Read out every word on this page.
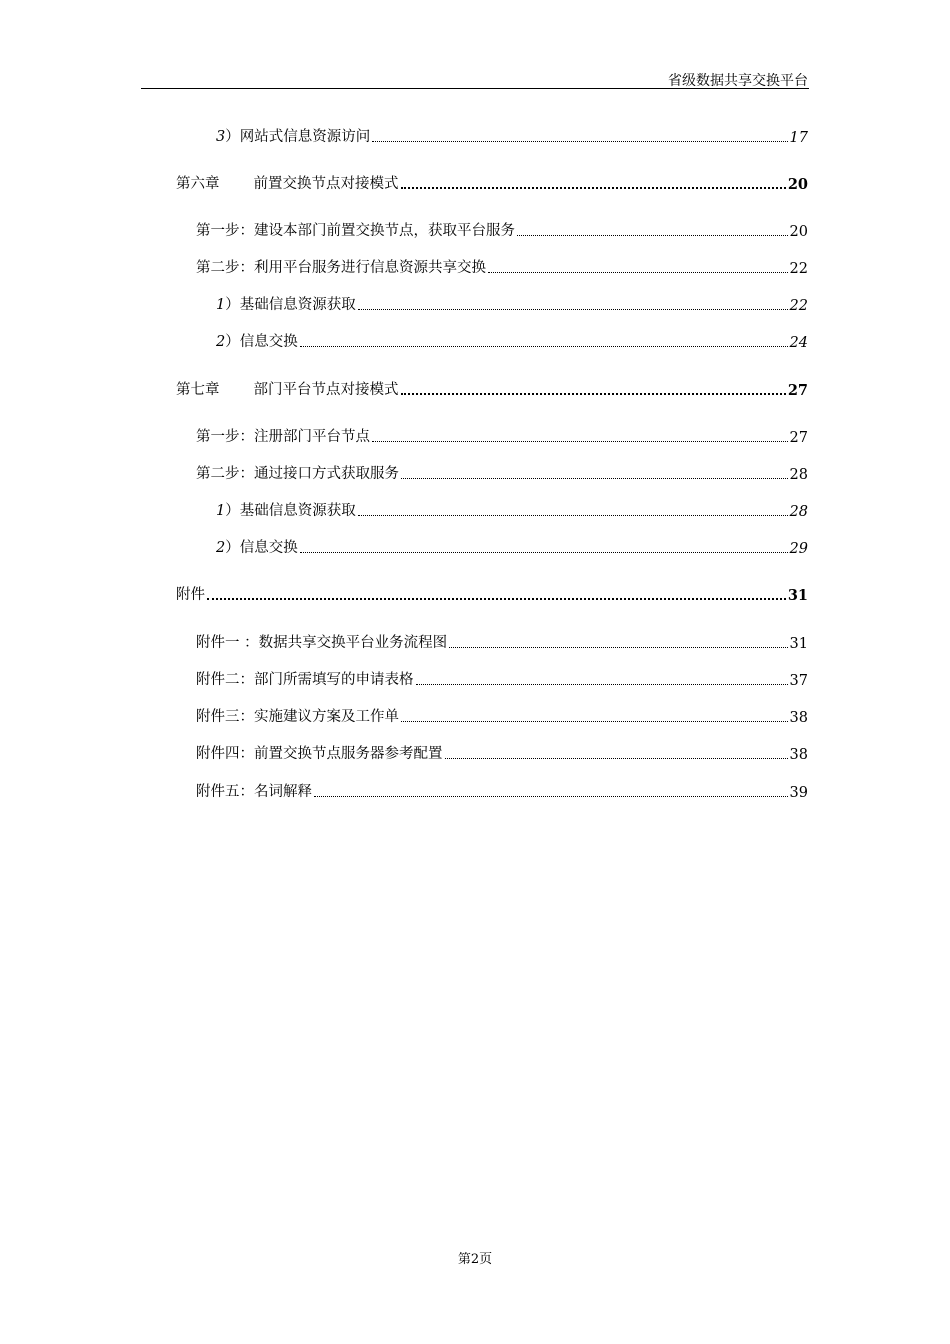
省级数据共享交换平台
3）网站式信息资源访问	17
第六章 前置交换节点对接模式	20
第一步：建设本部门前置交换节点，获取平台服务	20
第二步：利用平台服务进行信息资源共享交换	22
1）基础信息资源获取	22
2）信息交换	24
第七章 部门平台节点对接模式	27
第一步：注册部门平台节点	27
第二步：通过接口方式获取服务	28
1）基础信息资源获取	28
2）信息交换	29
附件	31
附件一 ：数据共享交换平台业务流程图	31
附件二：部门所需填写的申请表格	37
附件三：实施建议方案及工作单	38
附件四：前置交换节点服务器参考配置	38
附件五：名词解释	39
第2页
